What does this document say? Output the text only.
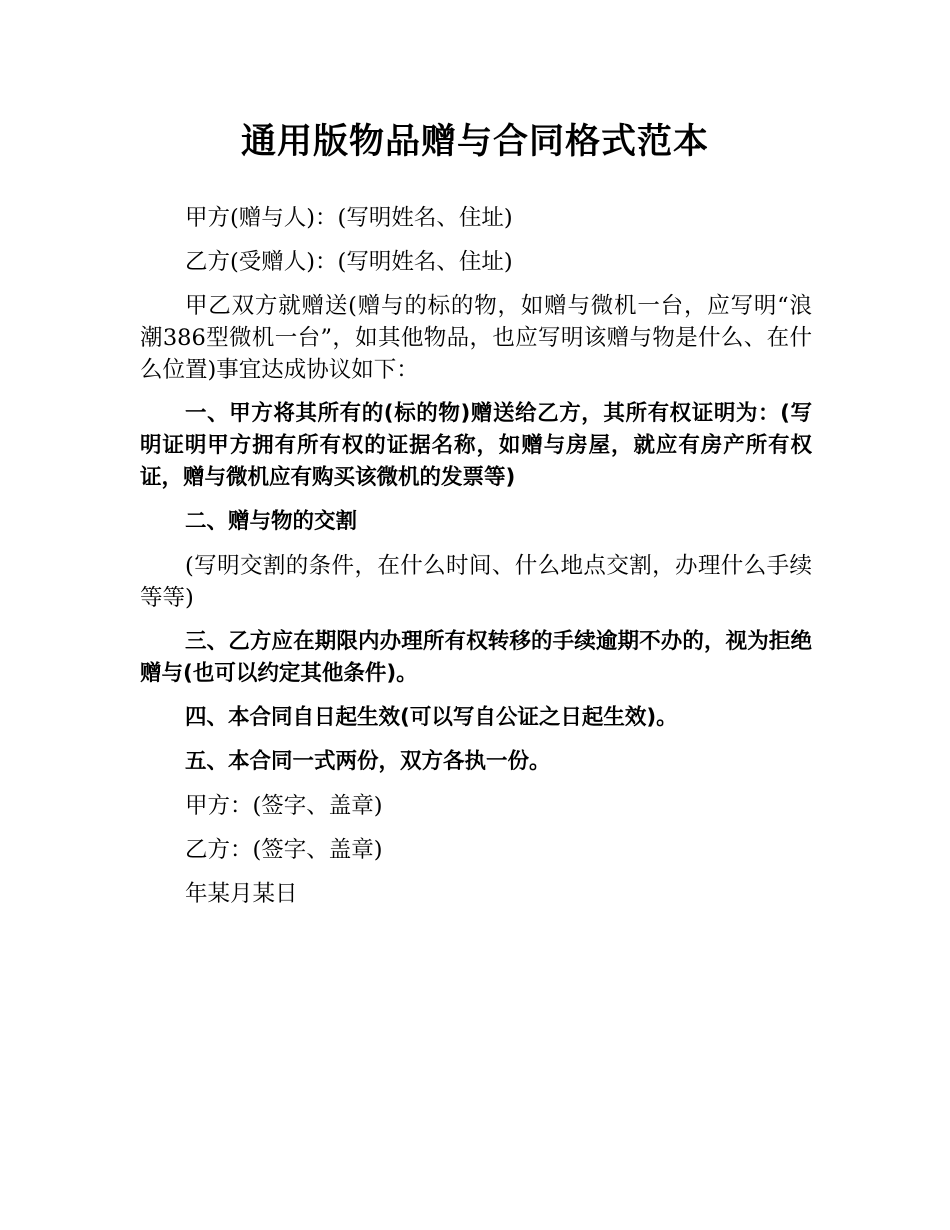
通用版物品赠与合同格式范本

甲方(赠与人)：(写明姓名、住址)

乙方(受赠人)：(写明姓名、住址)

甲乙双方就赠送(赠与的标的物，如赠与微机一台，应写明“浪潮386型微机一台”，如其他物品，也应写明该赠与物是什么、在什么位置)事宜达成协议如下：

一、甲方将其所有的(标的物)赠送给乙方，其所有权证明为：(写明证明甲方拥有所有权的证据名称，如赠与房屋，就应有房产所有权证，赠与微机应有购买该微机的发票等)

二、赠与物的交割

(写明交割的条件，在什么时间、什么地点交割，办理什么手续等等)

三、乙方应在期限内办理所有权转移的手续逾期不办的，视为拒绝赠与(也可以约定其他条件)。

四、本合同自日起生效(可以写自公证之日起生效)。

五、本合同一式两份，双方各执一份。

甲方：(签字、盖章)

乙方：(签字、盖章)

年某月某日
